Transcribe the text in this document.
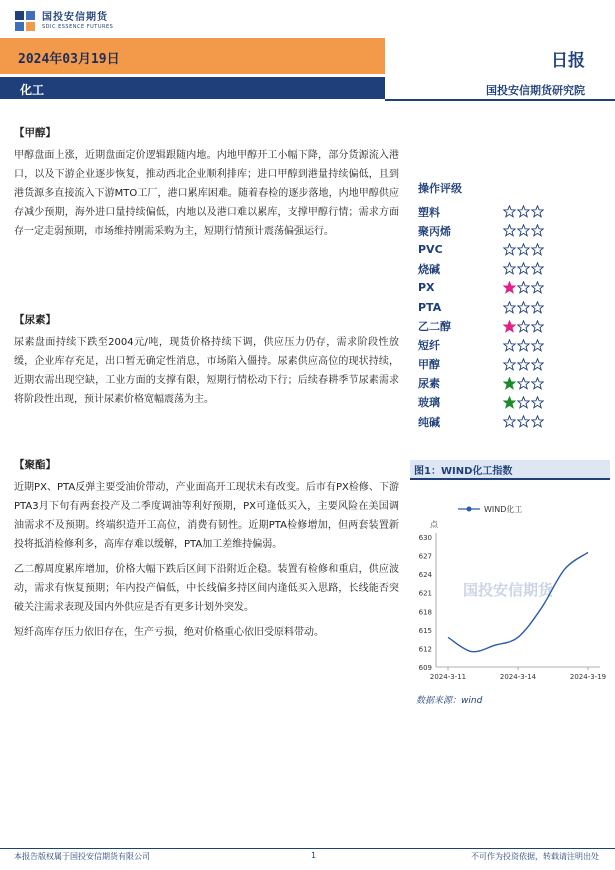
国投安信期货
SDIC ESSENCE FUTURES
2024年03月19日	日报
化工	国投安信期货研究院
【甲醇】

甲醇盘面上涨，近期盘面定价逻辑跟随内地。内地甲醇开工小幅下降，部分货源流入港口，以及下游企业逐步恢复，推动西北企业顺利排库；进口甲醇到港量持续偏低，且到港货源多直接流入下游MTO工厂，港口累库困难。随着春检的逐步落地，内地甲醇供应存减少预期，海外进口量持续偏低，内地以及港口难以累库，支撑甲醇行情；需求方面存一定走弱预期，市场维持刚需采购为主，短期行情预计震荡偏强运行。

【尿素】

尿素盘面持续下跌至2004元/吨，现货价格持续下调，供应压力仍存，需求阶段性放缓，企业库存充足，出口暂无确定性消息，市场陷入僵持。尿素供应高位的现状持续，近期农需出现空缺，工业方面的支撑有限，短期行情松动下行；后续春耕季节尿素需求将阶段性出现，预计尿素价格宽幅震荡为主。

【聚酯】

近期PX、PTA反弹主要受油价带动，产业面高开工现状未有改变。后市有PX检修、下游PTA3月下旬有两套投产及二季度调油等利好预期，PX可逢低买入，主要风险在美国调油需求不及预期。终端织造开工高位，消费有韧性。近期PTA检修增加，但两套装置新投将抵消检修利多，高库存难以缓解，PTA加工差维持偏弱。

乙二醇周度累库增加，价格大幅下跌后区间下沿附近企稳。装置有检修和重启，供应波动，需求有恢复预期；年内投产偏低，中长线偏多持区间内逢低买入思路，长线能否突破关注需求表现及国内外供应是否有更多计划外突发。

短纤高库存压力依旧存在，生产亏损，绝对价格重心依旧受原料带动。

操作评级
塑料
聚丙烯
PVC
烧碱
PX
PTA
乙二醇
短纤
甲醇
尿素
玻璃
纯碱
图1：WIND化工指数
国投安信期货
WIND化工
点
609
612
615
618
621
624
627
630
2024-3-11	2024-3-14	2024-3-19
数据来源：wind
本报告版权属于国投安信期货有限公司	1	不可作为投资依据，转载请注明出处
